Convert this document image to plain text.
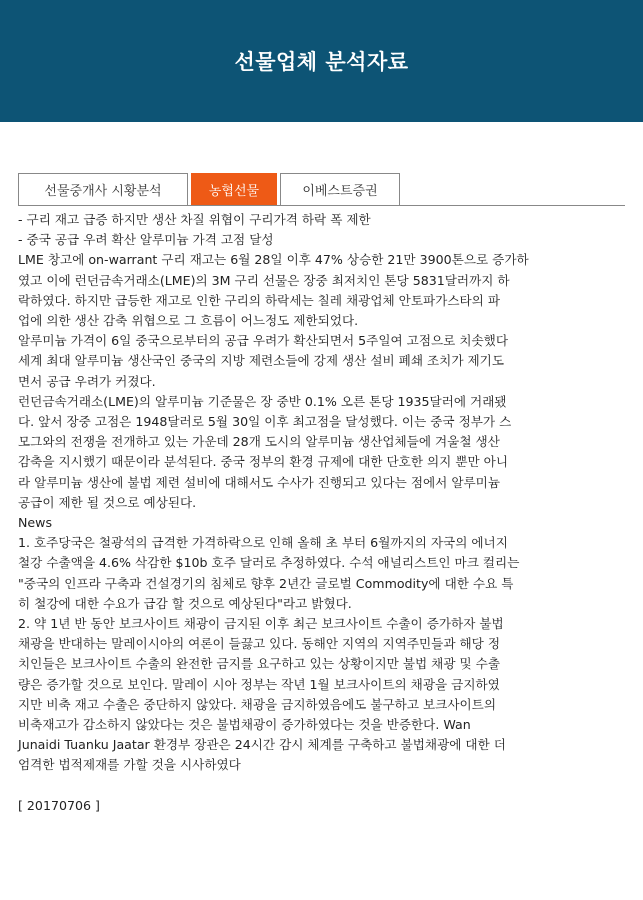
선물업체 분석자료
선물중개사 시황분석	농협선물	이베스트증권

- 구리 재고 급증 하지만 생산 차질 위협이 구리가격 하락 폭 제한

- 중국 공급 우려 확산 알루미늄 가격 고점 달성

LME 창고에 on-warrant 구리 재고는 6월 28일 이후 47% 상승한 21만 3900톤으로 증가하

였고 이에 런던금속거래소(LME)의 3M 구리 선물은 장중 최저치인 톤당 5831달러까지 하

락하였다. 하지만 급등한 재고로 인한 구리의 하락세는 칠레 채광업체 안토파가스타의 파

업에 의한 생산 감축 위협으로 그 흐름이 어느정도 제한되었다.

알루미늄 가격이 6일 중국으로부터의 공급 우려가 확산되면서 5주일여 고점으로 치솟했다

세계 최대 알루미늄 생산국인 중국의 지방 제련소들에 강제 생산 설비 폐쇄 조치가 제기도

면서 공급 우려가 커졌다.

런던금속거래소(LME)의 알루미늄 기준물은 장 중반 0.1% 오른 톤당 1935달러에 거래됐

다. 앞서 장중 고점은 1948달러로 5월 30일 이후 최고점을 달성했다. 이는 중국 정부가 스

모그와의 전쟁을 전개하고 있는 가운데 28개 도시의 알루미늄 생산업체들에 겨울철 생산

감축을 지시했기 때문이라 분석된다. 중국 정부의 환경 규제에 대한 단호한 의지 뿐만 아니

라 알루미늄 생산에 불법 제련 설비에 대해서도 수사가 진행되고 있다는 점에서 알루미늄

공급이 제한 될 것으로 예상된다.

News

1. 호주당국은 철광석의 급격한 가격하락으로 인해 올해 초 부터 6월까지의 자국의 에너지

철강 수출액을 4.6% 삭감한 $10b 호주 달러로 추정하였다. 수석 애널리스트인 마크 컬리는

"중국의 인프라 구축과 건설경기의 침체로 향후 2년간 글로벌 Commodity에 대한 수요 특

히 철강에 대한 수요가 급감 할 것으로 예상된다"라고 밝혔다.

2. 약 1년 반 동안 보크사이트 채광이 금지된 이후 최근 보크사이트 수출이 증가하자 불법

채광을 반대하는 말레이시아의 여론이 들끓고 있다. 동해안 지역의 지역주민들과 해당 정

치인들은 보크사이트 수출의 완전한 금지를 요구하고 있는 상황이지만 불법 채광 및 수출

량은 증가할 것으로 보인다. 말레이 시아 정부는 작년 1월 보크사이트의 채광을 금지하였

지만 비축 재고 수출은 중단하지 않았다. 채광을 금지하였음에도 불구하고 보크사이트의

비축재고가 감소하지 않았다는 것은 불법채광이 증가하였다는 것을 반증한다. Wan

Junaidi Tuanku Jaatar 환경부 장관은 24시간 감시 체계를 구축하고 불법채광에 대한 더

엄격한 법적제재를 가할 것을 시사하였다

[ 20170706 ]
